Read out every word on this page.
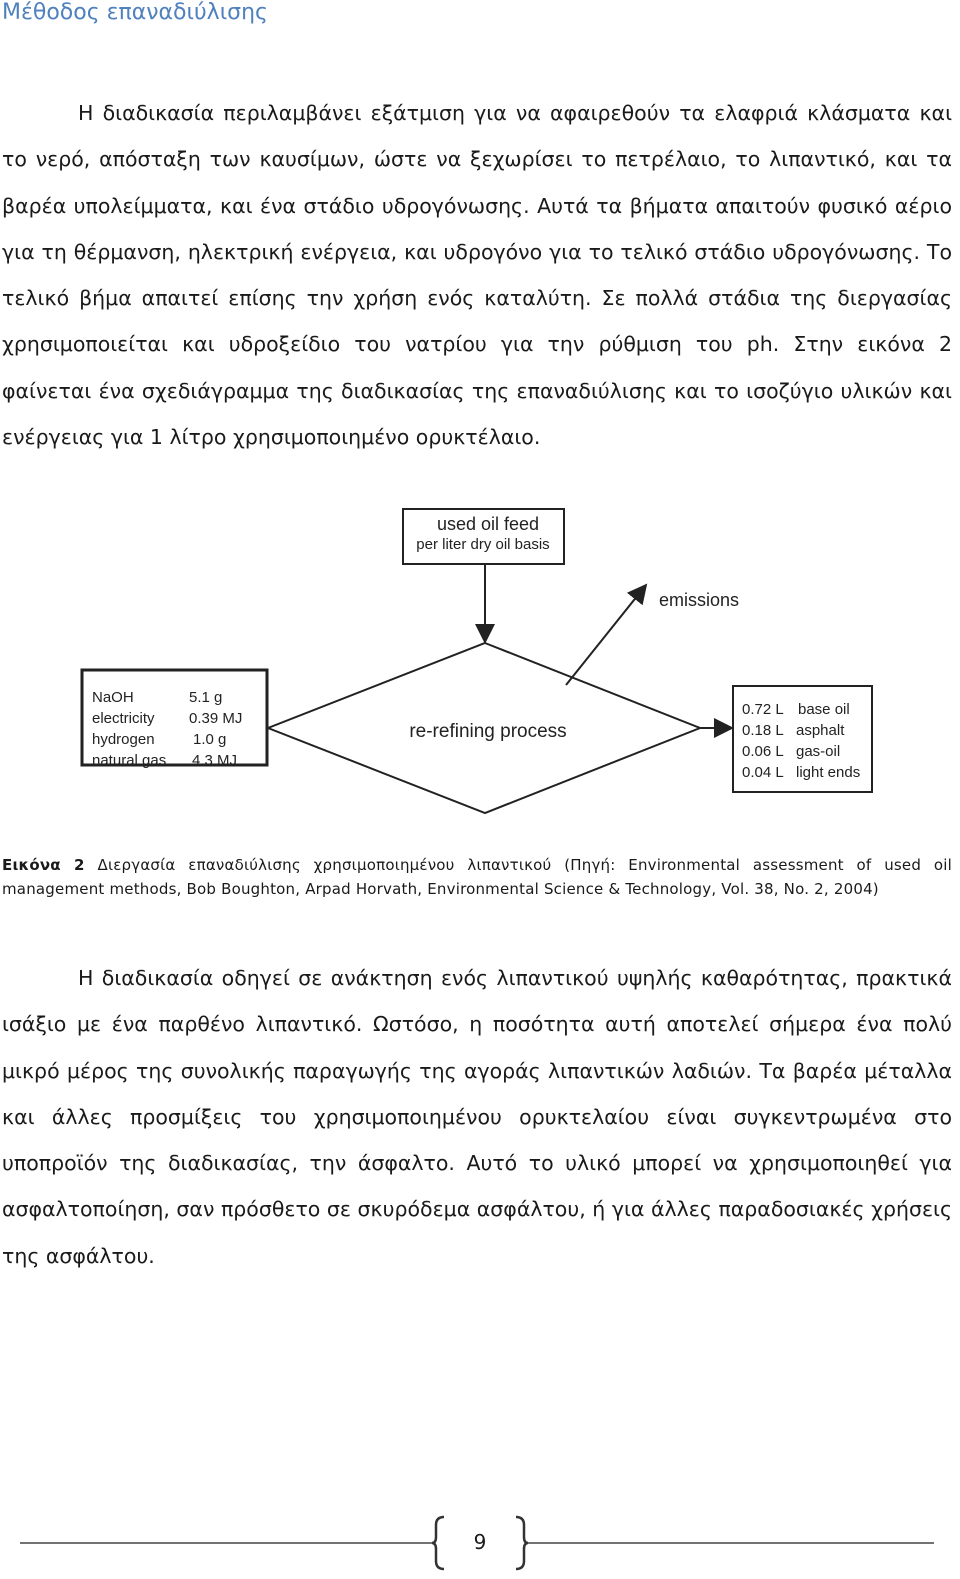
Μέθοδος επαναδιύλισης

Η διαδικασία περιλαμβάνει εξάτμιση για να αφαιρεθούν τα ελαφριά κλάσματα και το νερό, απόσταξη των καυσίμων, ώστε να ξεχωρίσει το πετρέλαιο, το λιπαντικό, και τα βαρέα υπολείμματα, και ένα στάδιο υδρογόνωσης. Αυτά τα βήματα απαιτούν φυσικό αέριο για τη θέρμανση, ηλεκτρική ενέργεια, και υδρογόνο για το τελικό στάδιο υδρογόνωσης. Το τελικό βήμα απαιτεί επίσης την χρήση ενός καταλύτη. Σε πολλά στάδια της διεργασίας χρησιμοποιείται και υδροξείδιο του νατρίου για την ρύθμιση του ph. Στην εικόνα 2 φαίνεται ένα σχεδιάγραμμα της διαδικασίας της επαναδιύλισης και το ισοζύγιο υλικών και ενέργειας για 1 λίτρο χρησιμοποιημένο ορυκτέλαιο.

used oil feed
per liter dry oil basis
re-refining process
emissions
NaOH	5.1 g
electricity 0.39 MJ
hydrogen	1.0 g
natural gas 4.3 MJ
0.72 L base oil
0.18 L asphalt
0.06 L gas-oil
0.04 L light ends

Εικόνα 2 Διεργασία επαναδιύλισης χρησιμοποιημένου λιπαντικού (Πηγή: Environmental assessment of used oil management methods, Bob Boughton, Arpad Horvath, Environmental Science & Technology, Vol. 38, No. 2, 2004)

Η διαδικασία οδηγεί σε ανάκτηση ενός λιπαντικού υψηλής καθαρότητας, πρακτικά ισάξιο με ένα παρθένο λιπαντικό. Ωστόσο, η ποσότητα αυτή αποτελεί σήμερα ένα πολύ μικρό μέρος της συνολικής παραγωγής της αγοράς λιπαντικών λαδιών. Τα βαρέα μέταλλα και άλλες προσμίξεις του χρησιμοποιημένου ορυκτελαίου είναι συγκεντρωμένα στο υποπροϊόν της διαδικασίας, την άσφαλτο. Αυτό το υλικό μπορεί να χρησιμοποιηθεί για ασφαλτοποίηση, σαν πρόσθετο σε σκυρόδεμα ασφάλτου, ή για άλλες παραδοσιακές χρήσεις της ασφάλτου.

9
